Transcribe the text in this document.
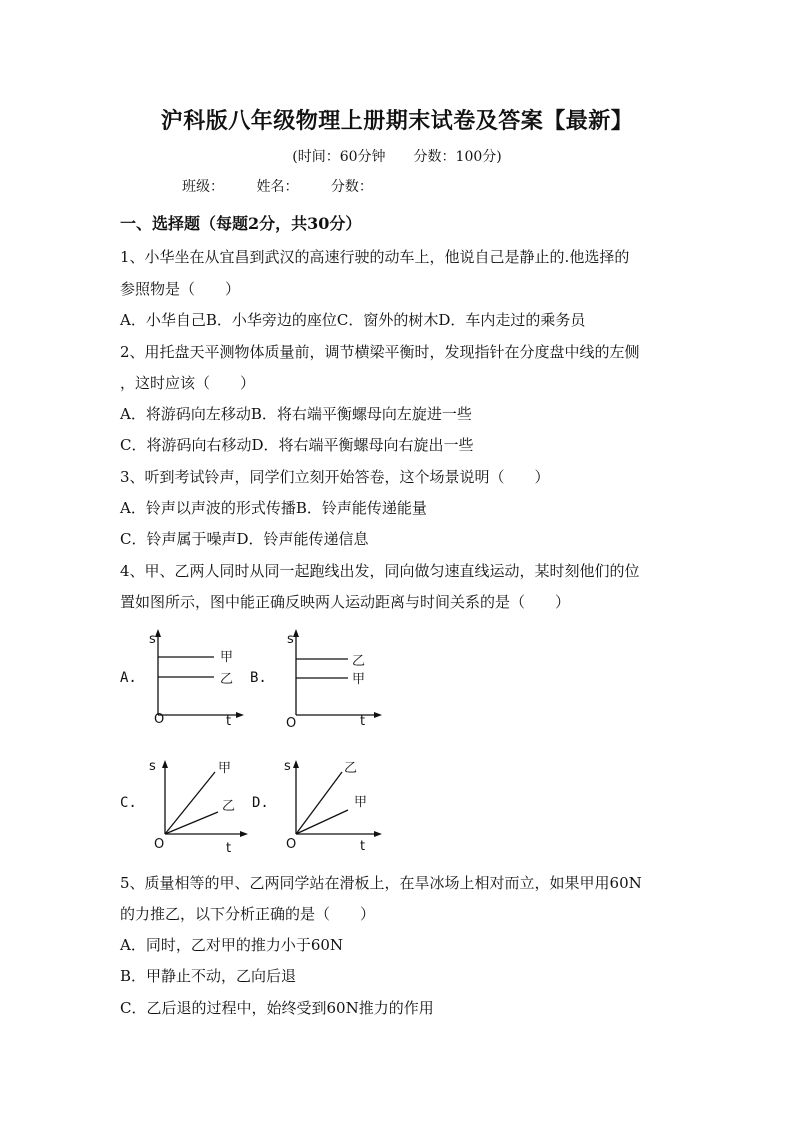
沪科版八年级物理上册期末试卷及答案【最新】
(时间：60分钟 分数：100分)
班级： 姓名： 分数：
一、选择题（每题2分，共30分）
1、小华坐在从宜昌到武汉的高速行驶的动车上，他说自己是静止的.他选择的
参照物是（　　）
A．小华自己B．小华旁边的座位C．窗外的树木D．车内走过的乘务员
2、用托盘天平测物体质量前，调节横梁平衡时，发现指针在分度盘中线的左侧
，这时应该（　　）
A．将游码向左移动B．将右端平衡螺母向左旋进一些
C．将游码向右移动D．将右端平衡螺母向右旋出一些
3、听到考试铃声，同学们立刻开始答卷，这个场景说明（　　）
A．铃声以声波的形式传播B．铃声能传递能量
C．铃声属于噪声D．铃声能传递信息
4、甲、乙两人同时从同一起跑线出发，同向做匀速直线运动，某时刻他们的位
置如图所示，图中能正确反映两人运动距离与时间关系的是（　　）
A.	B.
C.	D.
s
t
O
甲
乙
s
t
O
乙
甲
s
t
O
甲
乙
s
t
O
乙
甲
5、质量相等的甲、乙两同学站在滑板上，在旱冰场上相对而立，如果甲用60N
的力推乙，以下分析正确的是（　　）
A．同时，乙对甲的推力小于60N
B．甲静止不动，乙向后退
C．乙后退的过程中，始终受到60N推力的作用
